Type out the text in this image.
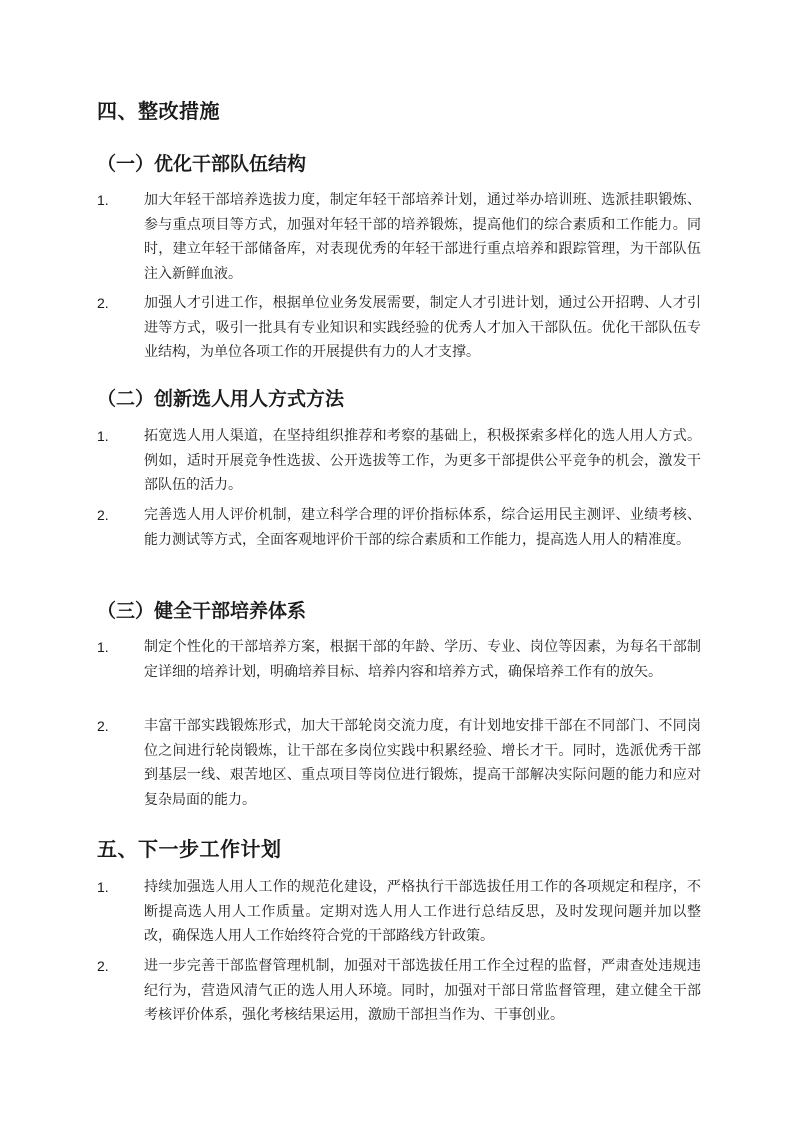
四、整改措施
（一）优化干部队伍结构
1.	加大年轻干部培养选拔力度，制定年轻干部培养计划，通过举办培训班、选派挂职锻炼、参与重点项目等方式，加强对年轻干部的培养锻炼，提高他们的综合素质和工作能力。同时，建立年轻干部储备库，对表现优秀的年轻干部进行重点培养和跟踪管理，为干部队伍注入新鲜血液。
2.	加强人才引进工作，根据单位业务发展需要，制定人才引进计划，通过公开招聘、人才引进等方式，吸引一批具有专业知识和实践经验的优秀人才加入干部队伍。优化干部队伍专业结构，为单位各项工作的开展提供有力的人才支撑。
（二）创新选人用人方式方法
1.	拓宽选人用人渠道，在坚持组织推荐和考察的基础上，积极探索多样化的选人用人方式。例如，适时开展竞争性选拔、公开选拔等工作，为更多干部提供公平竞争的机会，激发干部队伍的活力。
2.	完善选人用人评价机制，建立科学合理的评价指标体系，综合运用民主测评、业绩考核、能力测试等方式，全面客观地评价干部的综合素质和工作能力，提高选人用人的精准度。
（三）健全干部培养体系
1.	制定个性化的干部培养方案，根据干部的年龄、学历、专业、岗位等因素，为每名干部制定详细的培养计划，明确培养目标、培养内容和培养方式，确保培养工作有的放矢。
2.	丰富干部实践锻炼形式，加大干部轮岗交流力度，有计划地安排干部在不同部门、不同岗位之间进行轮岗锻炼，让干部在多岗位实践中积累经验、增长才干。同时，选派优秀干部到基层一线、艰苦地区、重点项目等岗位进行锻炼，提高干部解决实际问题的能力和应对复杂局面的能力。
五、下一步工作计划
1.	持续加强选人用人工作的规范化建设，严格执行干部选拔任用工作的各项规定和程序，不断提高选人用人工作质量。定期对选人用人工作进行总结反思，及时发现问题并加以整改，确保选人用人工作始终符合党的干部路线方针政策。
2.	进一步完善干部监督管理机制，加强对干部选拔任用工作全过程的监督，严肃查处违规违纪行为，营造风清气正的选人用人环境。同时，加强对干部日常监督管理，建立健全干部考核评价体系，强化考核结果运用，激励干部担当作为、干事创业。
